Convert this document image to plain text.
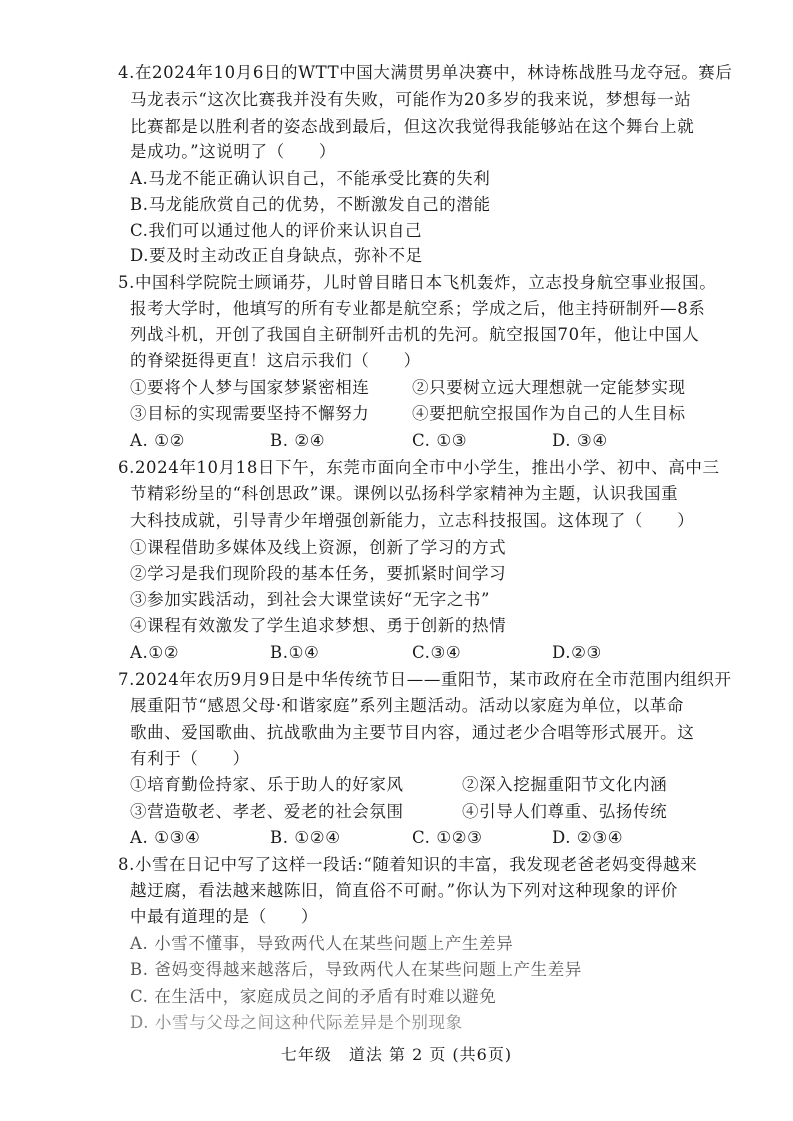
4.在2024年10月6日的WTT中国大满贯男单决赛中，林诗栋战胜马龙夺冠。赛后
马龙表示“这次比赛我并没有失败，可能作为20多岁的我来说，梦想每一站
比赛都是以胜利者的姿态战到最后，但这次我觉得我能够站在这个舞台上就
是成功。”这说明了（　　）
A.马龙不能正确认识自己，不能承受比赛的失利
B.马龙能欣赏自己的优势，不断激发自己的潜能
C.我们可以通过他人的评价来认识自己
D.要及时主动改正自身缺点，弥补不足
5.中国科学院院士顾诵芬，儿时曾目睹日本飞机轰炸，立志投身航空事业报国。
报考大学时，他填写的所有专业都是航空系；学成之后，他主持研制歼—8系
列战斗机，开创了我国自主研制歼击机的先河。航空报国70年，他让中国人
的脊梁挺得更直！这启示我们（　　）
①要将个人梦与国家梦紧密相连	②只要树立远大理想就一定能梦实现
③目标的实现需要坚持不懈努力	④要把航空报国作为自己的人生目标
A. ①②	B. ②④	C. ①③	D. ③④
6.2024年10月18日下午，东莞市面向全市中小学生，推出小学、初中、高中三
节精彩纷呈的“科创思政”课。课例以弘扬科学家精神为主题，认识我国重
大科技成就，引导青少年增强创新能力，立志科技报国。这体现了（　　）
①课程借助多媒体及线上资源，创新了学习的方式
②学习是我们现阶段的基本任务，要抓紧时间学习
③参加实践活动，到社会大课堂读好“无字之书”
④课程有效激发了学生追求梦想、勇于创新的热情
A.①②	B.①④	C.③④	D.②③
7.2024年农历9月9日是中华传统节日——重阳节，某市政府在全市范围内组织开
展重阳节“感恩父母·和谐家庭”系列主题活动。活动以家庭为单位，以革命
歌曲、爱国歌曲、抗战歌曲为主要节目内容，通过老少合唱等形式展开。这
有利于（　　）
①培育勤俭持家、乐于助人的好家风	②深入挖掘重阳节文化内涵
③营造敬老、孝老、爱老的社会氛围	④引导人们尊重、弘扬传统
A. ①③④	B. ①②④	C. ①②③	D. ②③④
8.小雪在日记中写了这样一段话:“随着知识的丰富，我发现老爸老妈变得越来
越迂腐，看法越来越陈旧，简直俗不可耐。”你认为下列对这种现象的评价
中最有道理的是（　　）
A. 小雪不懂事，导致两代人在某些问题上产生差异
B. 爸妈变得越来越落后，导致两代人在某些问题上产生差异
C. 在生活中，家庭成员之间的矛盾有时难以避免
D. 小雪与父母之间这种代际差异是个别现象
七年级　道法 第 2 页 (共6页)
